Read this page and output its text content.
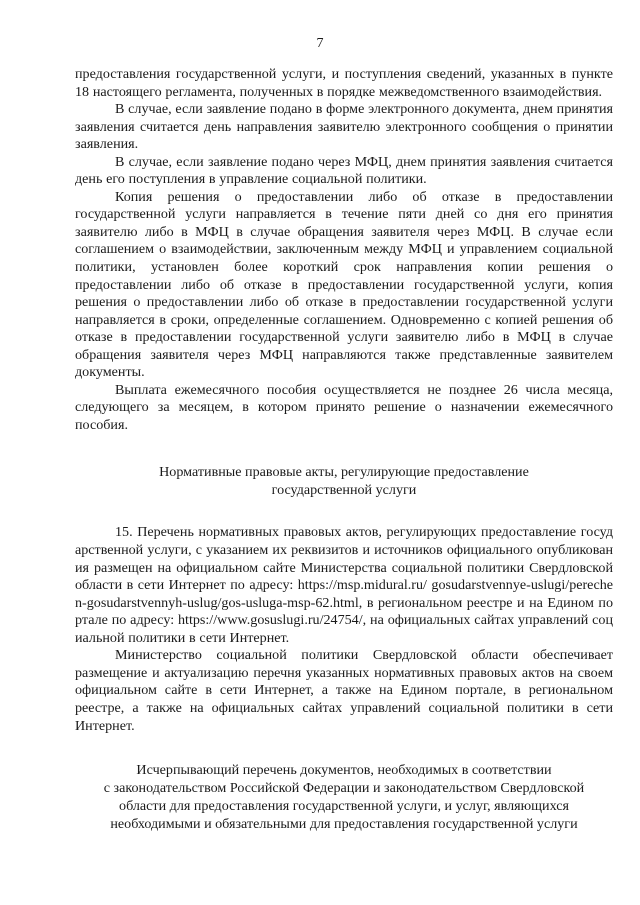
7

предоставления государственной услуги, и поступления сведений, указанных в пункте 18 настоящего регламента, полученных в порядке межведомственного взаимодействия.

В случае, если заявление подано в форме электронного документа, днем принятия заявления считается день направления заявителю электронного сообщения о принятии заявления.

В случае, если заявление подано через МФЦ, днем принятия заявления считается день его поступления в управление социальной политики.

Копия решения о предоставлении либо об отказе в предоставлении государственной услуги направляется в течение пяти дней со дня его принятия заявителю либо в МФЦ в случае обращения заявителя через МФЦ. В случае если соглашением о взаимодействии, заключенным между МФЦ и управлением социальной политики, установлен более короткий срок направления копии решения о предоставлении либо об отказе в предоставлении государственной услуги, копия решения о предоставлении либо об отказе в предоставлении государственной услуги направляется в сроки, определенные соглашением. Одновременно с копией решения об отказе в предоставлении государственной услуги заявителю либо в МФЦ в случае обращения заявителя через МФЦ направляются также представленные заявителем документы.

Выплата ежемесячного пособия осуществляется не позднее 26 числа месяца, следующего за месяцем, в котором принято решение о назначении ежемесячного пособия.

Нормативные правовые акты, регулирующие предоставление
государственной услуги

15. Перечень нормативных правовых актов, регулирующих предоставление государственной услуги, с указанием их реквизитов и источников официального опубликования размещен на официальном сайте Министерства социальной политики Свердловской области в сети Интернет по адресу: https://msp.midural.ru/ gosudarstvennye-uslugi/perechen-gosudarstvennyh-uslug/gos-usluga-msp-62.html, в региональном реестре и на Едином портале по адресу: https://www.gosuslugi.ru/24754/, на официальных сайтах управлений социальной политики в сети Интернет.

Министерство социальной политики Свердловской области обеспечивает размещение и актуализацию перечня указанных нормативных правовых актов на своем официальном сайте в сети Интернет, а также на Едином портале, в региональном реестре, а также на официальных сайтах управлений социальной политики в сети Интернет.

Исчерпывающий перечень документов, необходимых в соответствии
с законодательством Российской Федерации и законодательством Свердловской
области для предоставления государственной услуги, и услуг, являющихся
необходимыми и обязательными для предоставления государственной услуги
